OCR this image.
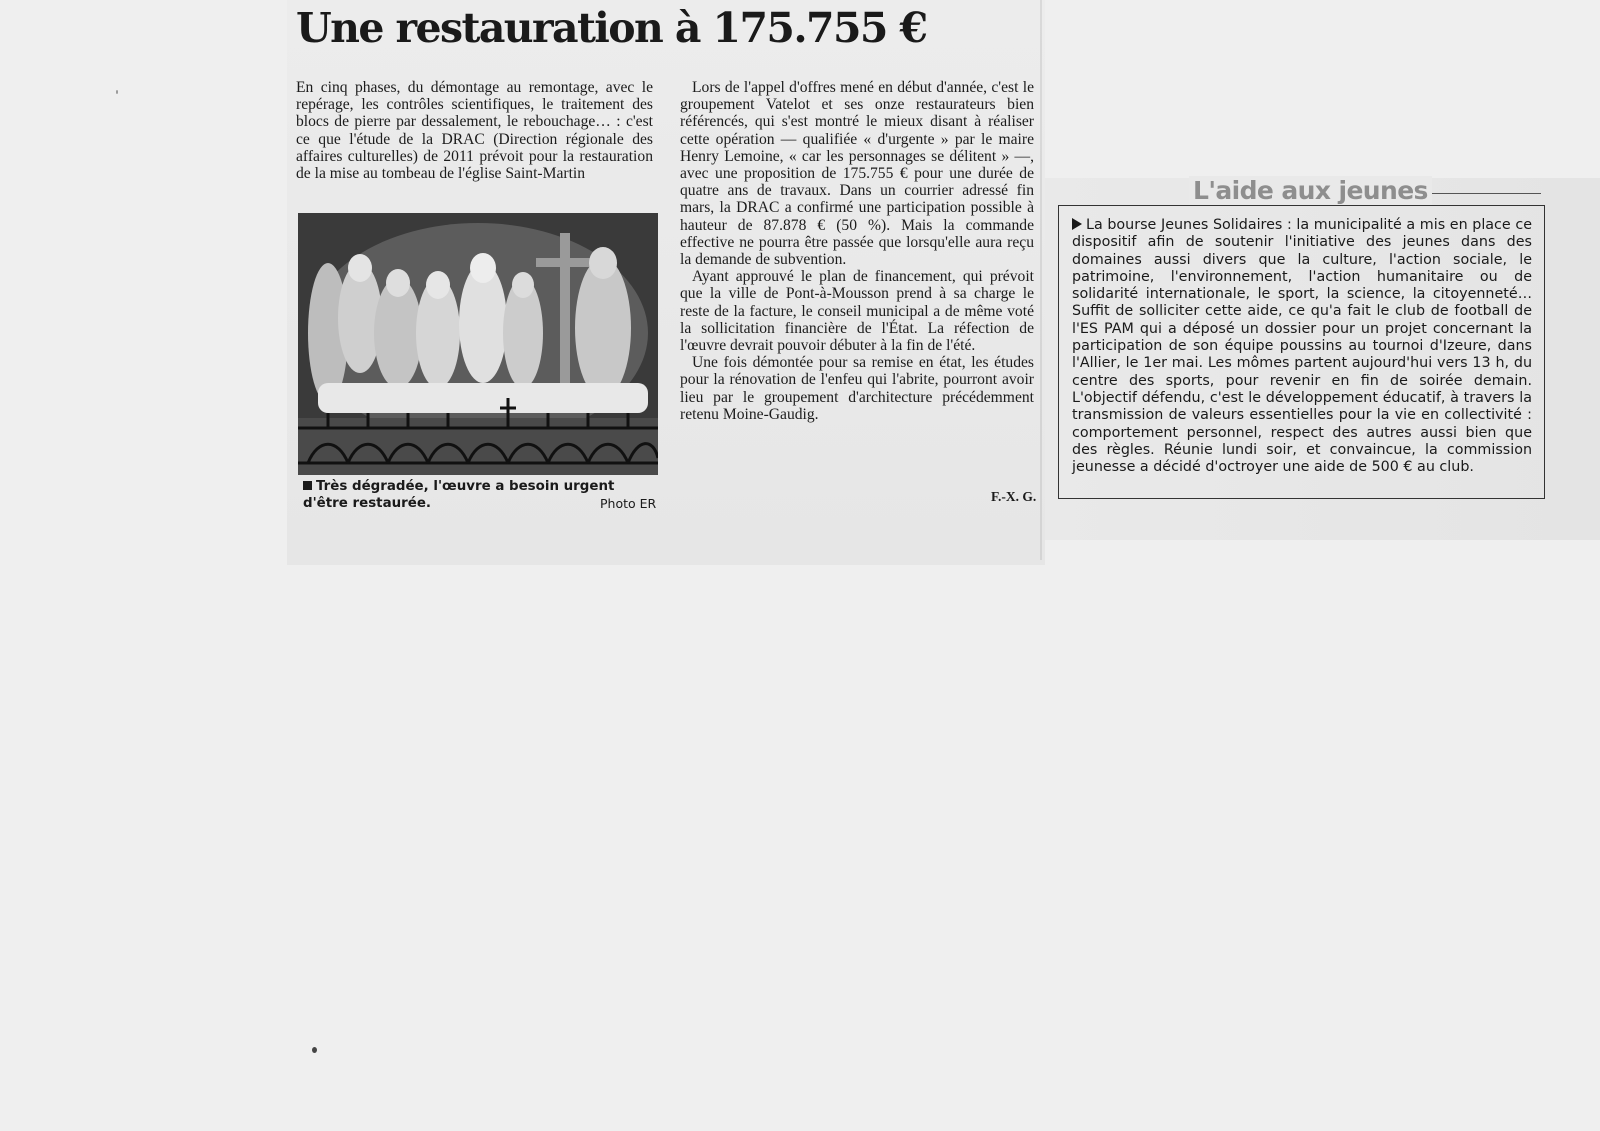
Une restauration à 175.755 €

En cinq phases, du démontage au remontage, avec le repérage, les contrôles scientifiques, le traitement des blocs de pierre par dessalement, le rebouchage… : c'est ce que l'étude de la DRAC (Direction régionale des affaires culturelles) de 2011 prévoit pour la restauration de la mise au tombeau de l'église Saint-Martin

Très dégradée, l'œuvre a besoin urgent d'être restaurée.	Photo ER

Lors de l'appel d'offres mené en début d'année, c'est le groupement Vatelot et ses onze restaurateurs bien référencés, qui s'est montré le mieux disant à réaliser cette opération — qualifiée « d'urgente » par le maire Henry Lemoine, « car les personnages se délitent » —, avec une proposition de 175.755 € pour une durée de quatre ans de travaux. Dans un courrier adressé fin mars, la DRAC a confirmé une participation possible à hauteur de 87.878 € (50 %). Mais la commande effective ne pourra être passée que lorsqu'elle aura reçu la demande de subvention.

Ayant approuvé le plan de financement, qui prévoit que la ville de Pont-à-Mousson prend à sa charge le reste de la facture, le conseil municipal a de même voté la sollicitation financière de l'État. La réfection de l'œuvre devrait pouvoir débuter à la fin de l'été.

Une fois démontée pour sa remise en état, les études pour la rénovation de l'enfeu qui l'abrite, pourront avoir lieu par le groupement d'architecture précédemment retenu Moine-Gaudig.

F.-X. G.
L'aide aux jeunes

La bourse Jeunes Solidaires : la municipalité a mis en place ce dispositif afin de soutenir l'initiative des jeunes dans des domaines aussi divers que la culture, l'action sociale, le patrimoine, l'environnement, l'action humanitaire ou de solidarité internationale, le sport, la science, la citoyenneté… Suffit de solliciter cette aide, ce qu'a fait le club de football de l'ES PAM qui a déposé un dossier pour un projet concernant la participation de son équipe poussins au tournoi d'Izeure, dans l'Allier, le 1er mai. Les mômes partent aujourd'hui vers 13 h, du centre des sports, pour revenir en fin de soirée demain. L'objectif défendu, c'est le développement éducatif, à travers la transmission de valeurs essentielles pour la vie en collectivité : comportement personnel, respect des autres aussi bien que des règles. Réunie lundi soir, et convaincue, la commission jeunesse a décidé d'octroyer une aide de 500 € au club.
